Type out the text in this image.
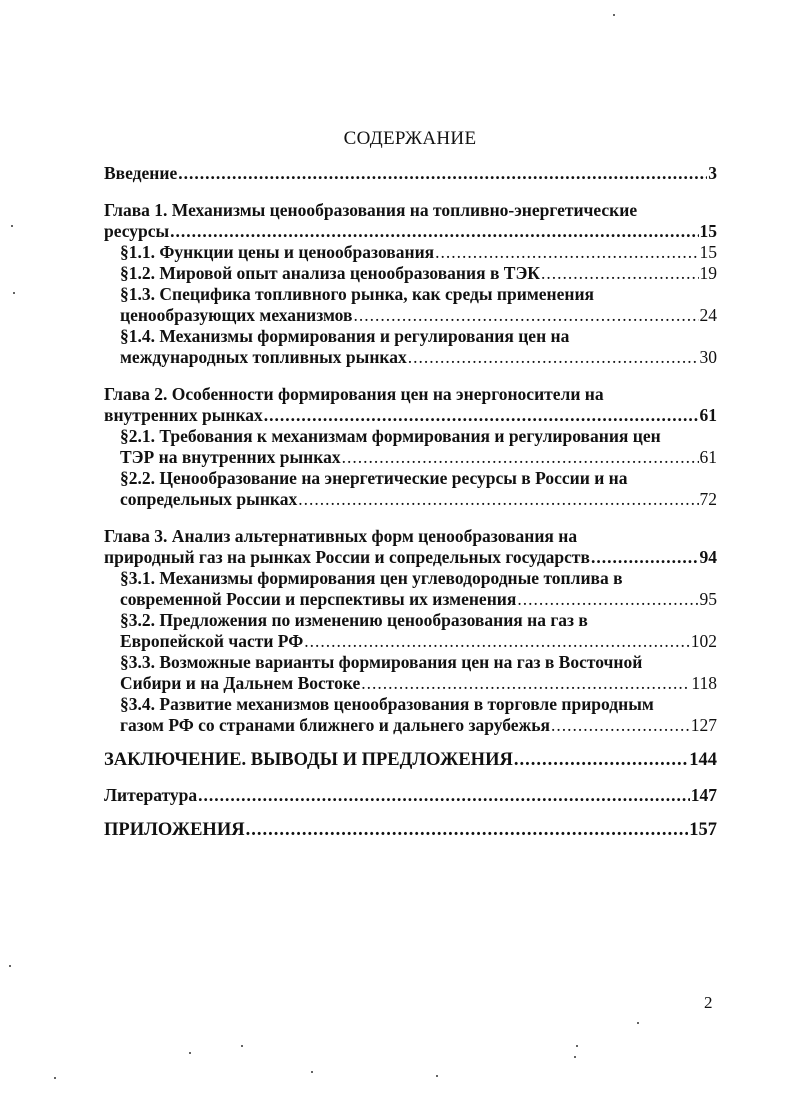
СОДЕРЖАНИЕ
Введение .....	3
Глава 1. Механизмы ценообразования на топливно-энергетические
ресурсы .....	15
§1.1. Функции цены и ценообразования .....	15
§1.2. Мировой опыт анализа ценообразования в ТЭК .....	19
§1.3. Специфика топливного рынка, как среды применения
ценообразующих механизмов .....	24
§1.4. Механизмы формирования и регулирования цен на
международных топливных рынках .....	30
Глава 2. Особенности формирования цен на энергоносители на
внутренних рынках .....	61
§2.1. Требования к механизмам формирования и регулирования цен
ТЭР на внутренних рынках .....	61
§2.2. Ценообразование на энергетические ресурсы в России и на
сопредельных рынках .....	72
Глава 3. Анализ альтернативных форм ценообразования на
природный газ на рынках России и сопредельных государств .....	94
§3.1. Механизмы формирования цен углеводородные топлива в
современной России и перспективы их изменения .....	95
§3.2. Предложения по изменению ценообразования на газ в
Европейской части РФ .....	102
§3.3. Возможные варианты формирования цен на газ в Восточной
Сибири и на Дальнем Востоке .....	118
§3.4. Развитие механизмов ценообразования в торговле природным
газом РФ со странами ближнего и дальнего зарубежья .....	127
ЗАКЛЮЧЕНИЕ. ВЫВОДЫ И ПРЕДЛОЖЕНИЯ .....	144
Литература .....	147
ПРИЛОЖЕНИЯ .....	157
2
